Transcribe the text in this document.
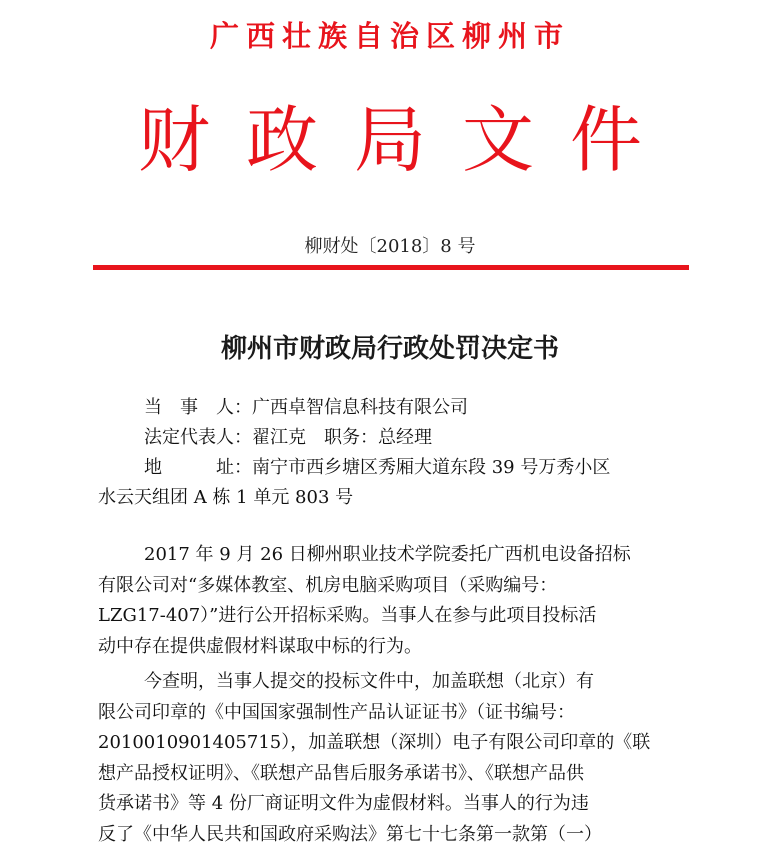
广西壮族自治区柳州市
财政局文件
柳财处〔2018〕8 号
柳州市财政局行政处罚决定书
当　事　人：广西卓智信息科技有限公司
法定代表人：翟江克　职务：总经理
地　　　址：南宁市西乡塘区秀厢大道东段 39 号万秀小区
水云天组团 A 栋 1 单元 803 号
2017 年 9 月 26 日柳州职业技术学院委托广西机电设备招标
有限公司对“多媒体教室、机房电脑采购项目（采购编号：
LZG17-407）”进行公开招标采购。当事人在参与此项目投标活
动中存在提供虚假材料谋取中标的行为。
今查明，当事人提交的投标文件中，加盖联想（北京）有
限公司印章的《中国国家强制性产品认证证书》（证书编号：
2010010901405715），加盖联想（深圳）电子有限公司印章的《联
想产品授权证明》、《联想产品售后服务承诺书》、《联想产品供
货承诺书》等 4 份厂商证明文件为虚假材料。当事人的行为违
反了《中华人民共和国政府采购法》第七十七条第一款第（一）
